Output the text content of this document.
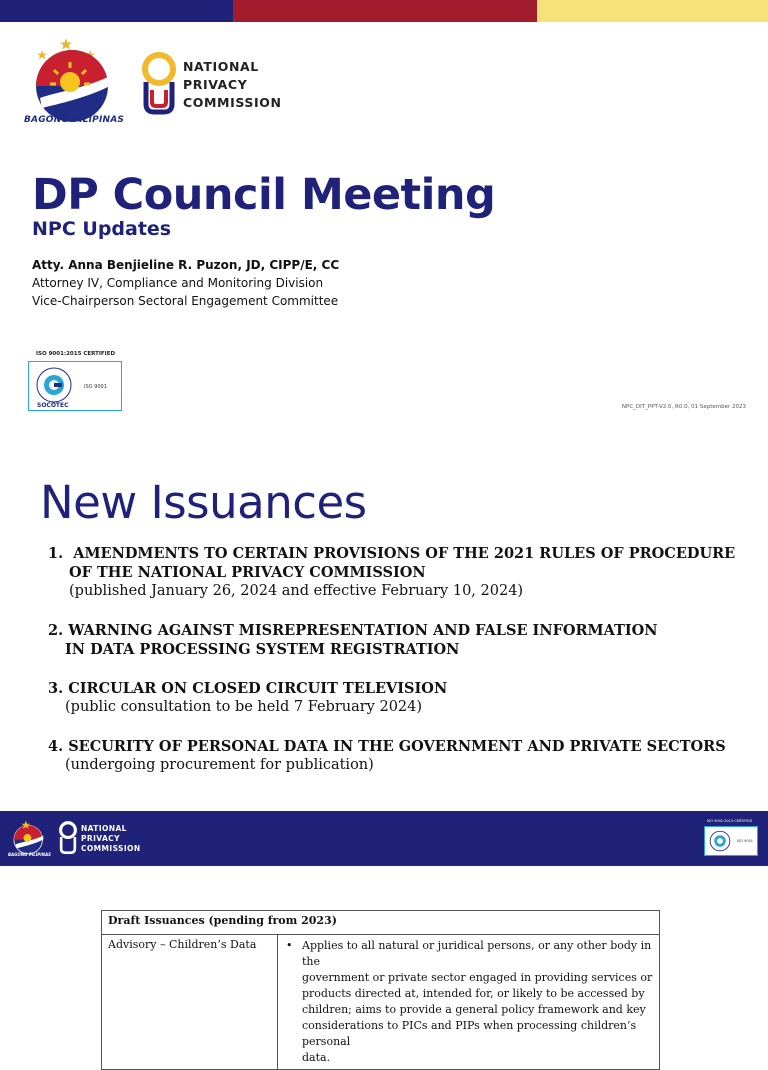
BAGONG PILIPINAS
NATIONAL
PRIVACY
COMMISSION
DP Council Meeting
NPC Updates
Atty. Anna Benjieline R. Puzon, JD, CIPP/E, CC
Attorney IV, Compliance and Monitoring Division
Vice-Chairperson Sectoral Engagement Committee
ISO 9001:2015 CERTIFIED
ISO 9001
SOCOTEC	NPC_DIT_PPT-V2.0, R0.0, 01 September 2023
New Issuances
1. AMENDMENTS TO CERTAIN PROVISIONS OF THE 2021 RULES OF PROCEDURE
OF THE NATIONAL PRIVACY COMMISSION
(published January 26, 2024 and effective February 10, 2024)
2. WARNING AGAINST MISREPRESENTATION AND FALSE INFORMATION
IN DATA PROCESSING SYSTEM REGISTRATION
3. CIRCULAR ON CLOSED CIRCUIT TELEVISION
(public consultation to be held 7 February 2024)
4. SECURITY OF PERSONAL DATA IN THE GOVERNMENT AND PRIVATE SECTORS
(undergoing procurement for publication)
BAGONG PILIPINAS
NATIONAL
PRIVACY
COMMISSION
ISO 9001:2015 CERTIFIED
ISO 9001
Draft Issuances (pending from 2023)
Advisory – Children’s Data	• Applies to all natural or juridical persons, or any other body in the
government or private sector engaged in providing services or
products directed at, intended for, or likely to be accessed by
children; aims to provide a general policy framework and key
considerations to PICs and PIPs when processing children’s personal
data.
